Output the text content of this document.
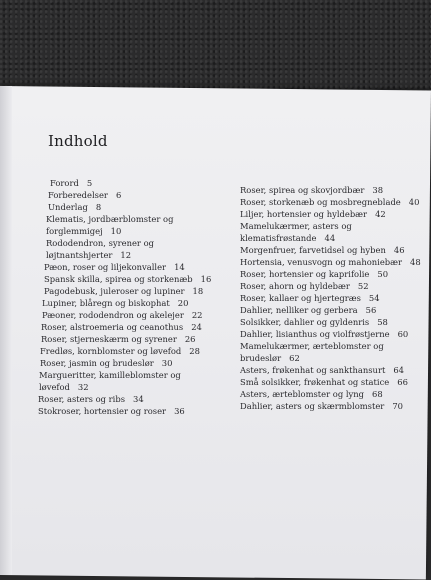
Indhold
Forord 5
Forberedelser 6
Underlag 8
Klematis, jordbærblomster og
forglemmigej 10
Rododendron, syrener og
løjtnantshjerter 12
Pæon, roser og liljekonvaller 14
Spansk skilla, spirea og storkenæb 16
Pagodebusk, juleroser og lupiner 18
Lupiner, blåregn og biskophat 20
Pæoner, rododendron og akelejer 22
Roser, alstroemeria og ceanothus 24
Roser, stjerneskærm og syrener 26
Fredløs, kornblomster og løvefod 28
Roser, jasmin og brudeslør 30
Margueritter, kamilleblomster og
løvefod 32
Roser, asters og ribs 34
Stokroser, hortensier og roser 36
Roser, spirea og skovjordbær 38
Roser, storkenæb og mosbregneblade 40
Liljer, hortensier og hyldebær 42
Mamelukærmer, asters og
klematisfrøstande 44
Morgenfruer, farvetidsel og hyben 46
Hortensia, venusvogn og mahoniebær 48
Roser, hortensier og kaprifolie 50
Roser, ahorn og hyldebær 52
Roser, kallaer og hjertegræs 54
Dahlier, nelliker og gerbera 56
Solsikker, dahlier og gyldenris 58
Dahlier, lisianthus og violfrøstjerne 60
Mamelukærmer, ærteblomster og
brudeslør 62
Asters, frøkenhat og sankthansurt 64
Små solsikker, frøkenhat og statice 66
Asters, ærteblomster og lyng 68
Dahlier, asters og skærmblomster 70
